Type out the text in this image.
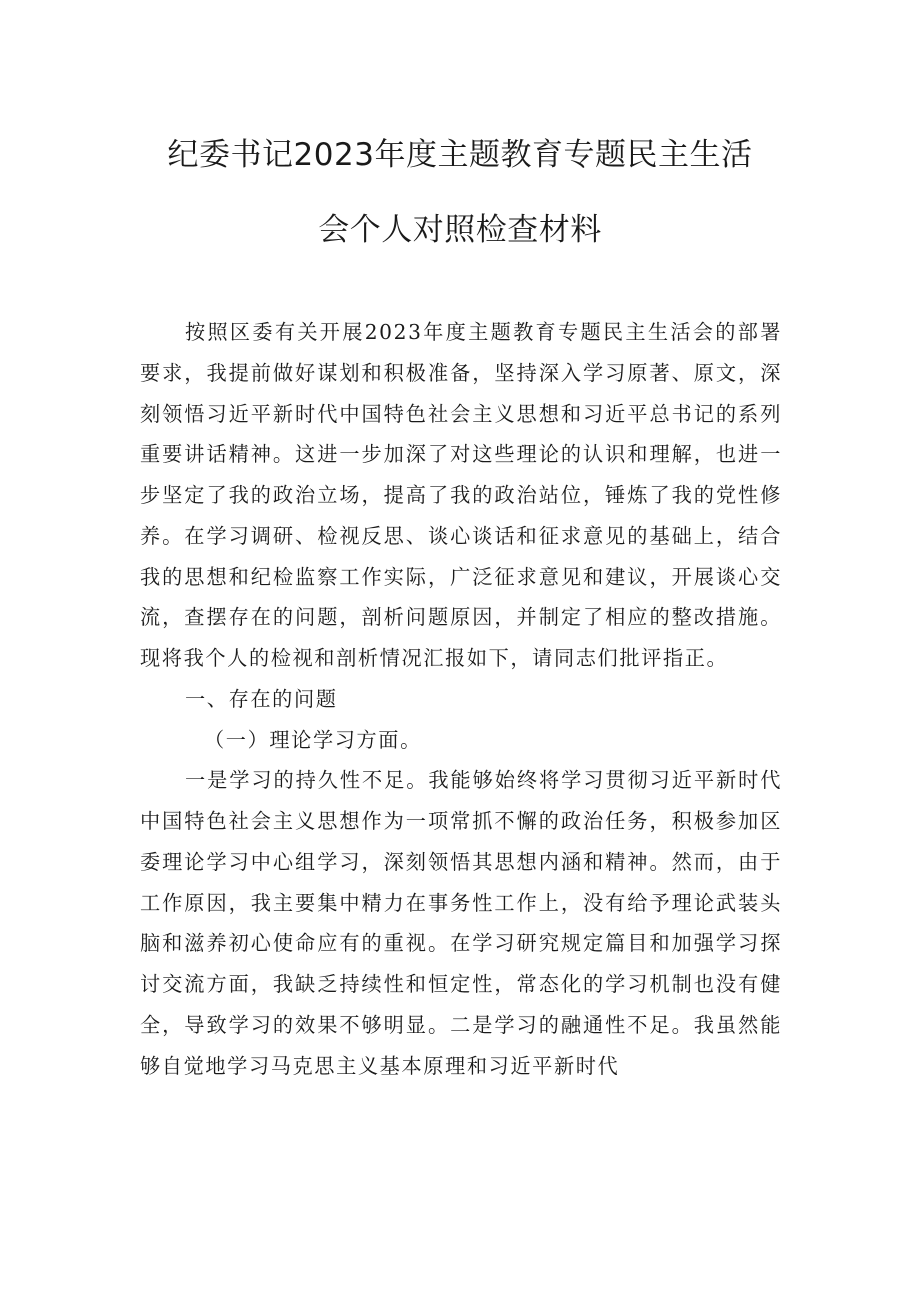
纪委书记2023年度主题教育专题民主生活
会个人对照检查材料

按照区委有关开展2023年度主题教育专题民主生活会的部署要求，我提前做好谋划和积极准备，坚持深入学习原著、原文，深刻领悟习近平新时代中国特色社会主义思想和习近平总书记的系列重要讲话精神。这进一步加深了对这些理论的认识和理解，也进一步坚定了我的政治立场，提高了我的政治站位，锤炼了我的党性修养。在学习调研、检视反思、谈心谈话和征求意见的基础上，结合我的思想和纪检监察工作实际，广泛征求意见和建议，开展谈心交流，查摆存在的问题，剖析问题原因，并制定了相应的整改措施。现将我个人的检视和剖析情况汇报如下，请同志们批评指正。

一、存在的问题

（一）理论学习方面。

一是学习的持久性不足。我能够始终将学习贯彻习近平新时代中国特色社会主义思想作为一项常抓不懈的政治任务，积极参加区委理论学习中心组学习，深刻领悟其思想内涵和精神。然而，由于工作原因，我主要集中精力在事务性工作上，没有给予理论武装头脑和滋养初心使命应有的重视。在学习研究规定篇目和加强学习探讨交流方面，我缺乏持续性和恒定性，常态化的学习机制也没有健全，导致学习的效果不够明显。二是学习的融通性不足。我虽然能够自觉地学习马克思主义基本原理和习近平新时代
